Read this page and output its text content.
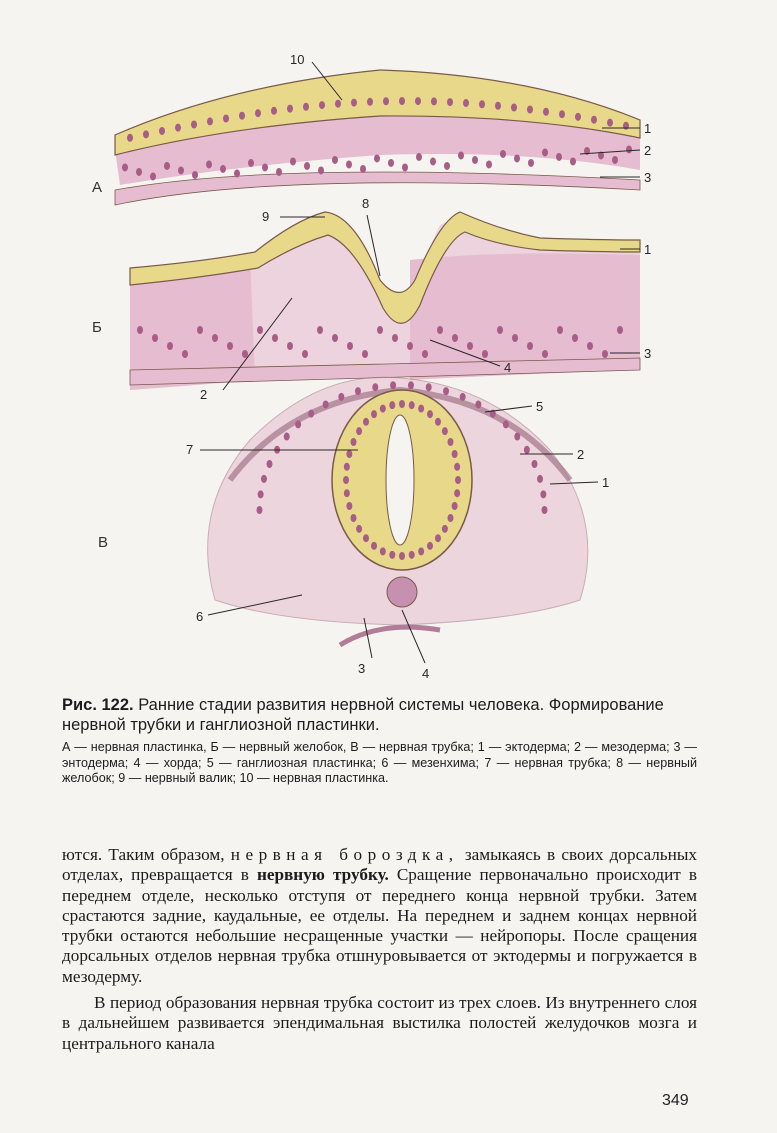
10
1
2
3
9
8
1
4
3
2
5
7	2
1
6
3	4
А
Б
В
Рис. 122. Ранние стадии развития нервной системы человека. Формирование нервной трубки и ганглиозной пластинки.
А — нервная пластинка, Б — нервный желобок, В — нервная трубка; 1 — эктодерма; 2 — мезодерма; 3 — энтодерма; 4 — хорда; 5 — ганглиозная пластинка; 6 — мезенхима; 7 — нервная трубка; 8 — нервный желобок; 9 — нервный валик; 10 — нервная пластинка.

ются. Таким образом, нервная бороздка, замыкаясь в своих дорсальных отделах, превращается в нервную трубку. Сращение первоначально происходит в переднем отделе, несколько отступя от переднего конца нервной трубки. Затем срастаются задние, каудальные, ее отделы. На переднем и заднем концах нервной трубки остаются небольшие несращенные участки — нейропоры. После сращения дорсальных отделов нервная трубка отшнуровывается от эктодермы и погружается в мезодерму.

В период образования нервная трубка состоит из трех слоев. Из внутреннего слоя в дальнейшем развивается эпендимальная выстилка полостей желудочков мозга и центрального канала

349
